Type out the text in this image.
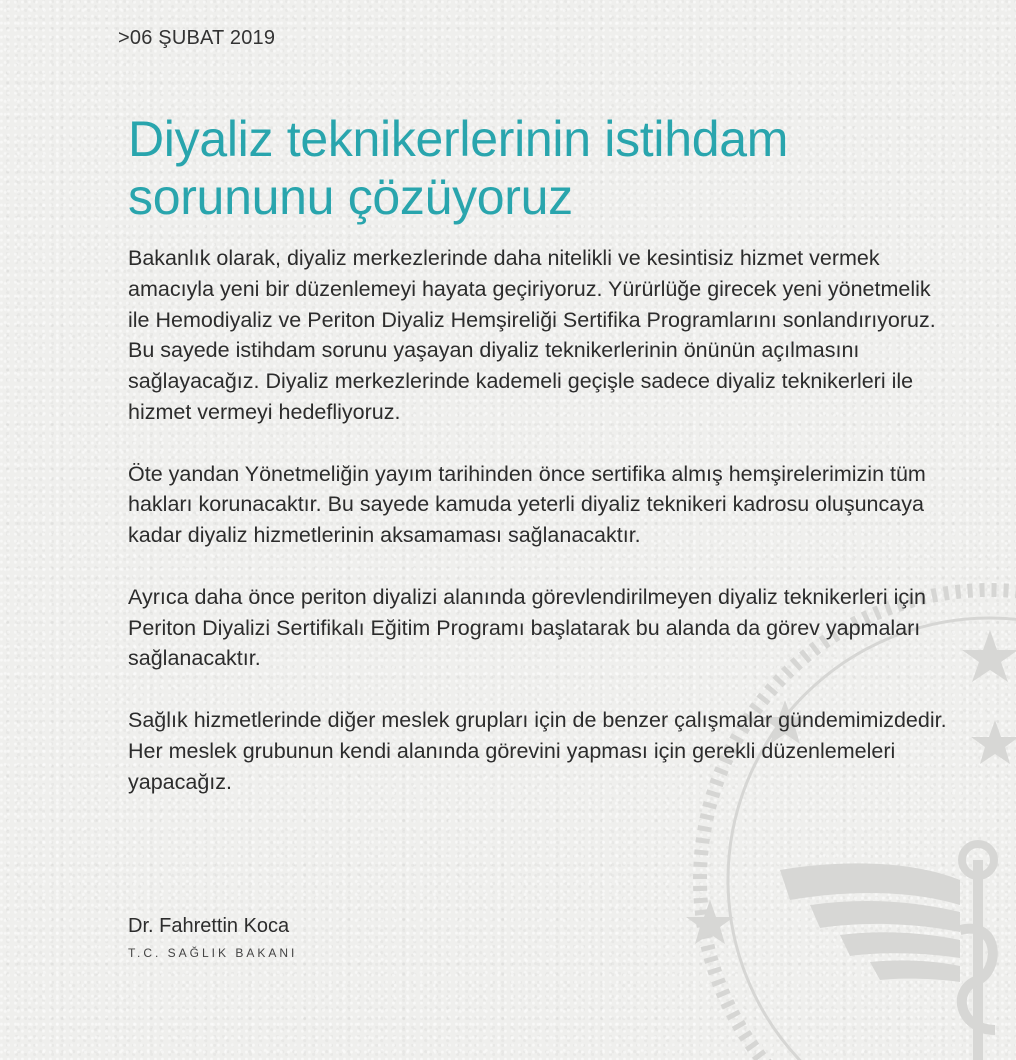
>06 ŞUBAT 2019
Diyaliz teknikerlerinin istihdam
sorununu çözüyoruz

Bakanlık olarak, diyaliz merkezlerinde daha nitelikli ve kesintisiz hizmet vermek amacıyla yeni bir düzenlemeyi hayata geçiriyoruz. Yürürlüğe girecek yeni yönetmelik ile Hemodiyaliz ve Periton Diyaliz Hemşireliği Sertifika Programlarını sonlandırıyoruz. Bu sayede istihdam sorunu yaşayan diyaliz teknikerlerinin önünün açılmasını sağlayacağız. Diyaliz merkezlerinde kademeli geçişle sadece diyaliz teknikerleri ile hizmet vermeyi hedefliyoruz.

Öte yandan Yönetmeliğin yayım tarihinden önce sertifika almış hemşirelerimizin tüm hakları korunacaktır. Bu sayede kamuda yeterli diyaliz teknikeri kadrosu oluşuncaya kadar diyaliz hizmetlerinin aksamaması sağlanacaktır.

Ayrıca daha önce periton diyalizi alanında görevlendirilmeyen diyaliz teknikerleri için Periton Diyalizi Sertifikalı Eğitim Programı başlatarak bu alanda da görev yapmaları sağlanacaktır.

Sağlık hizmetlerinde diğer meslek grupları için de benzer çalışmalar gündemimizdedir. Her meslek grubunun kendi alanında görevini yapması için gerekli düzenlemeleri yapacağız.

Dr. Fahrettin Koca
T.C. SAĞLIK BAKANI
